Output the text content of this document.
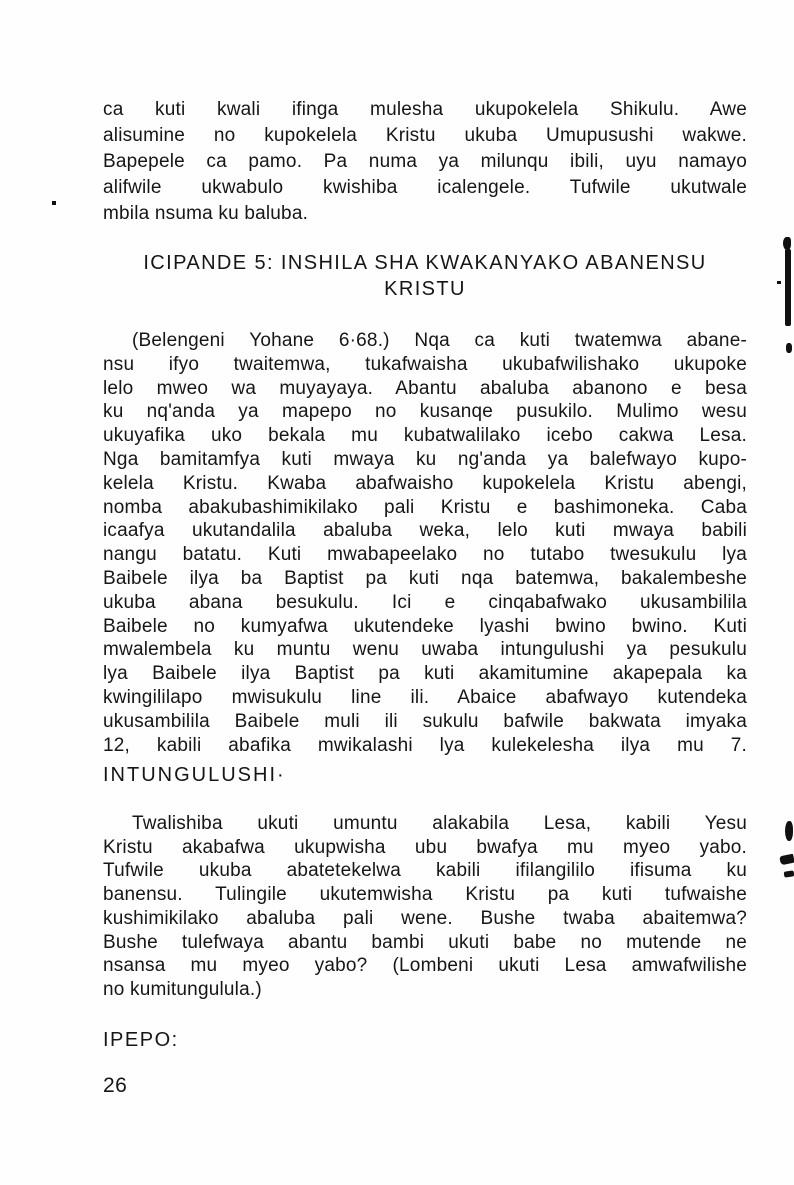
ca kuti kwali ifinga mulesha ukupokelela Shikulu. Awe
alisumine no kupokelela Kristu ukuba Umupusushi wakwe.
Bapepele ca pamo. Pa numa ya milunqu ibili, uyu namayo
alifwile ukwabulo kwishiba icalengele. Tufwile ukutwale
mbila nsuma ku baluba.
ICIPANDE 5: INSHILA SHA KWAKANYAKO ABANENSU
KRISTU
(Belengeni Yohane 6·68.) Nqa ca kuti twatemwa abane-
nsu ifyo twaitemwa, tukafwaisha ukubafwilishako ukupoke
lelo mweo wa muyayaya. Abantu abaluba abanono e besa
ku nq'anda ya mapepo no kusanqe pusukilo. Mulimo wesu
ukuyafika uko bekala mu kubatwalilako icebo cakwa Lesa.
Nga bamitamfya kuti mwaya ku ng'anda ya balefwayo kupo-
kelela Kristu. Kwaba abafwaisho kupokelela Kristu abengi,
nomba abakubashimikilako pali Kristu e bashimoneka. Caba
icaafya ukutandalila abaluba weka, lelo kuti mwaya babili
nangu batatu. Kuti mwabapeelako no tutabo twesukulu lya
Baibele ilya ba Baptist pa kuti nqa batemwa, bakalembeshe
ukuba abana besukulu. Ici e cinqabafwako ukusambilila
Baibele no kumyafwa ukutendeke lyashi bwino bwino. Kuti
mwalembela ku muntu wenu uwaba intungulushi ya pesukulu
lya Baibele ilya Baptist pa kuti akamitumine akapepala ka
kwingililapo mwisukulu line ili. Abaice abafwayo kutendeka
ukusambilila Baibele muli ili sukulu bafwile bakwata imyaka
12, kabili abafika mwikalashi lya kulekelesha ilya mu 7.
INTUNGULUSHI·
Twalishiba ukuti umuntu alakabila Lesa, kabili Yesu
Kristu akabafwa ukupwisha ubu bwafya mu myeo yabo.
Tufwile ukuba abatetekelwa kabili ifilangililo ifisuma ku
banensu. Tulingile ukutemwisha Kristu pa kuti tufwaishe
kushimikilako abaluba pali wene. Bushe twaba abaitemwa?
Bushe tulefwaya abantu bambi ukuti babe no mutende ne
nsansa mu myeo yabo? (Lombeni ukuti Lesa amwafwilishe
no kumitungulula.)
IPEPO:
26
